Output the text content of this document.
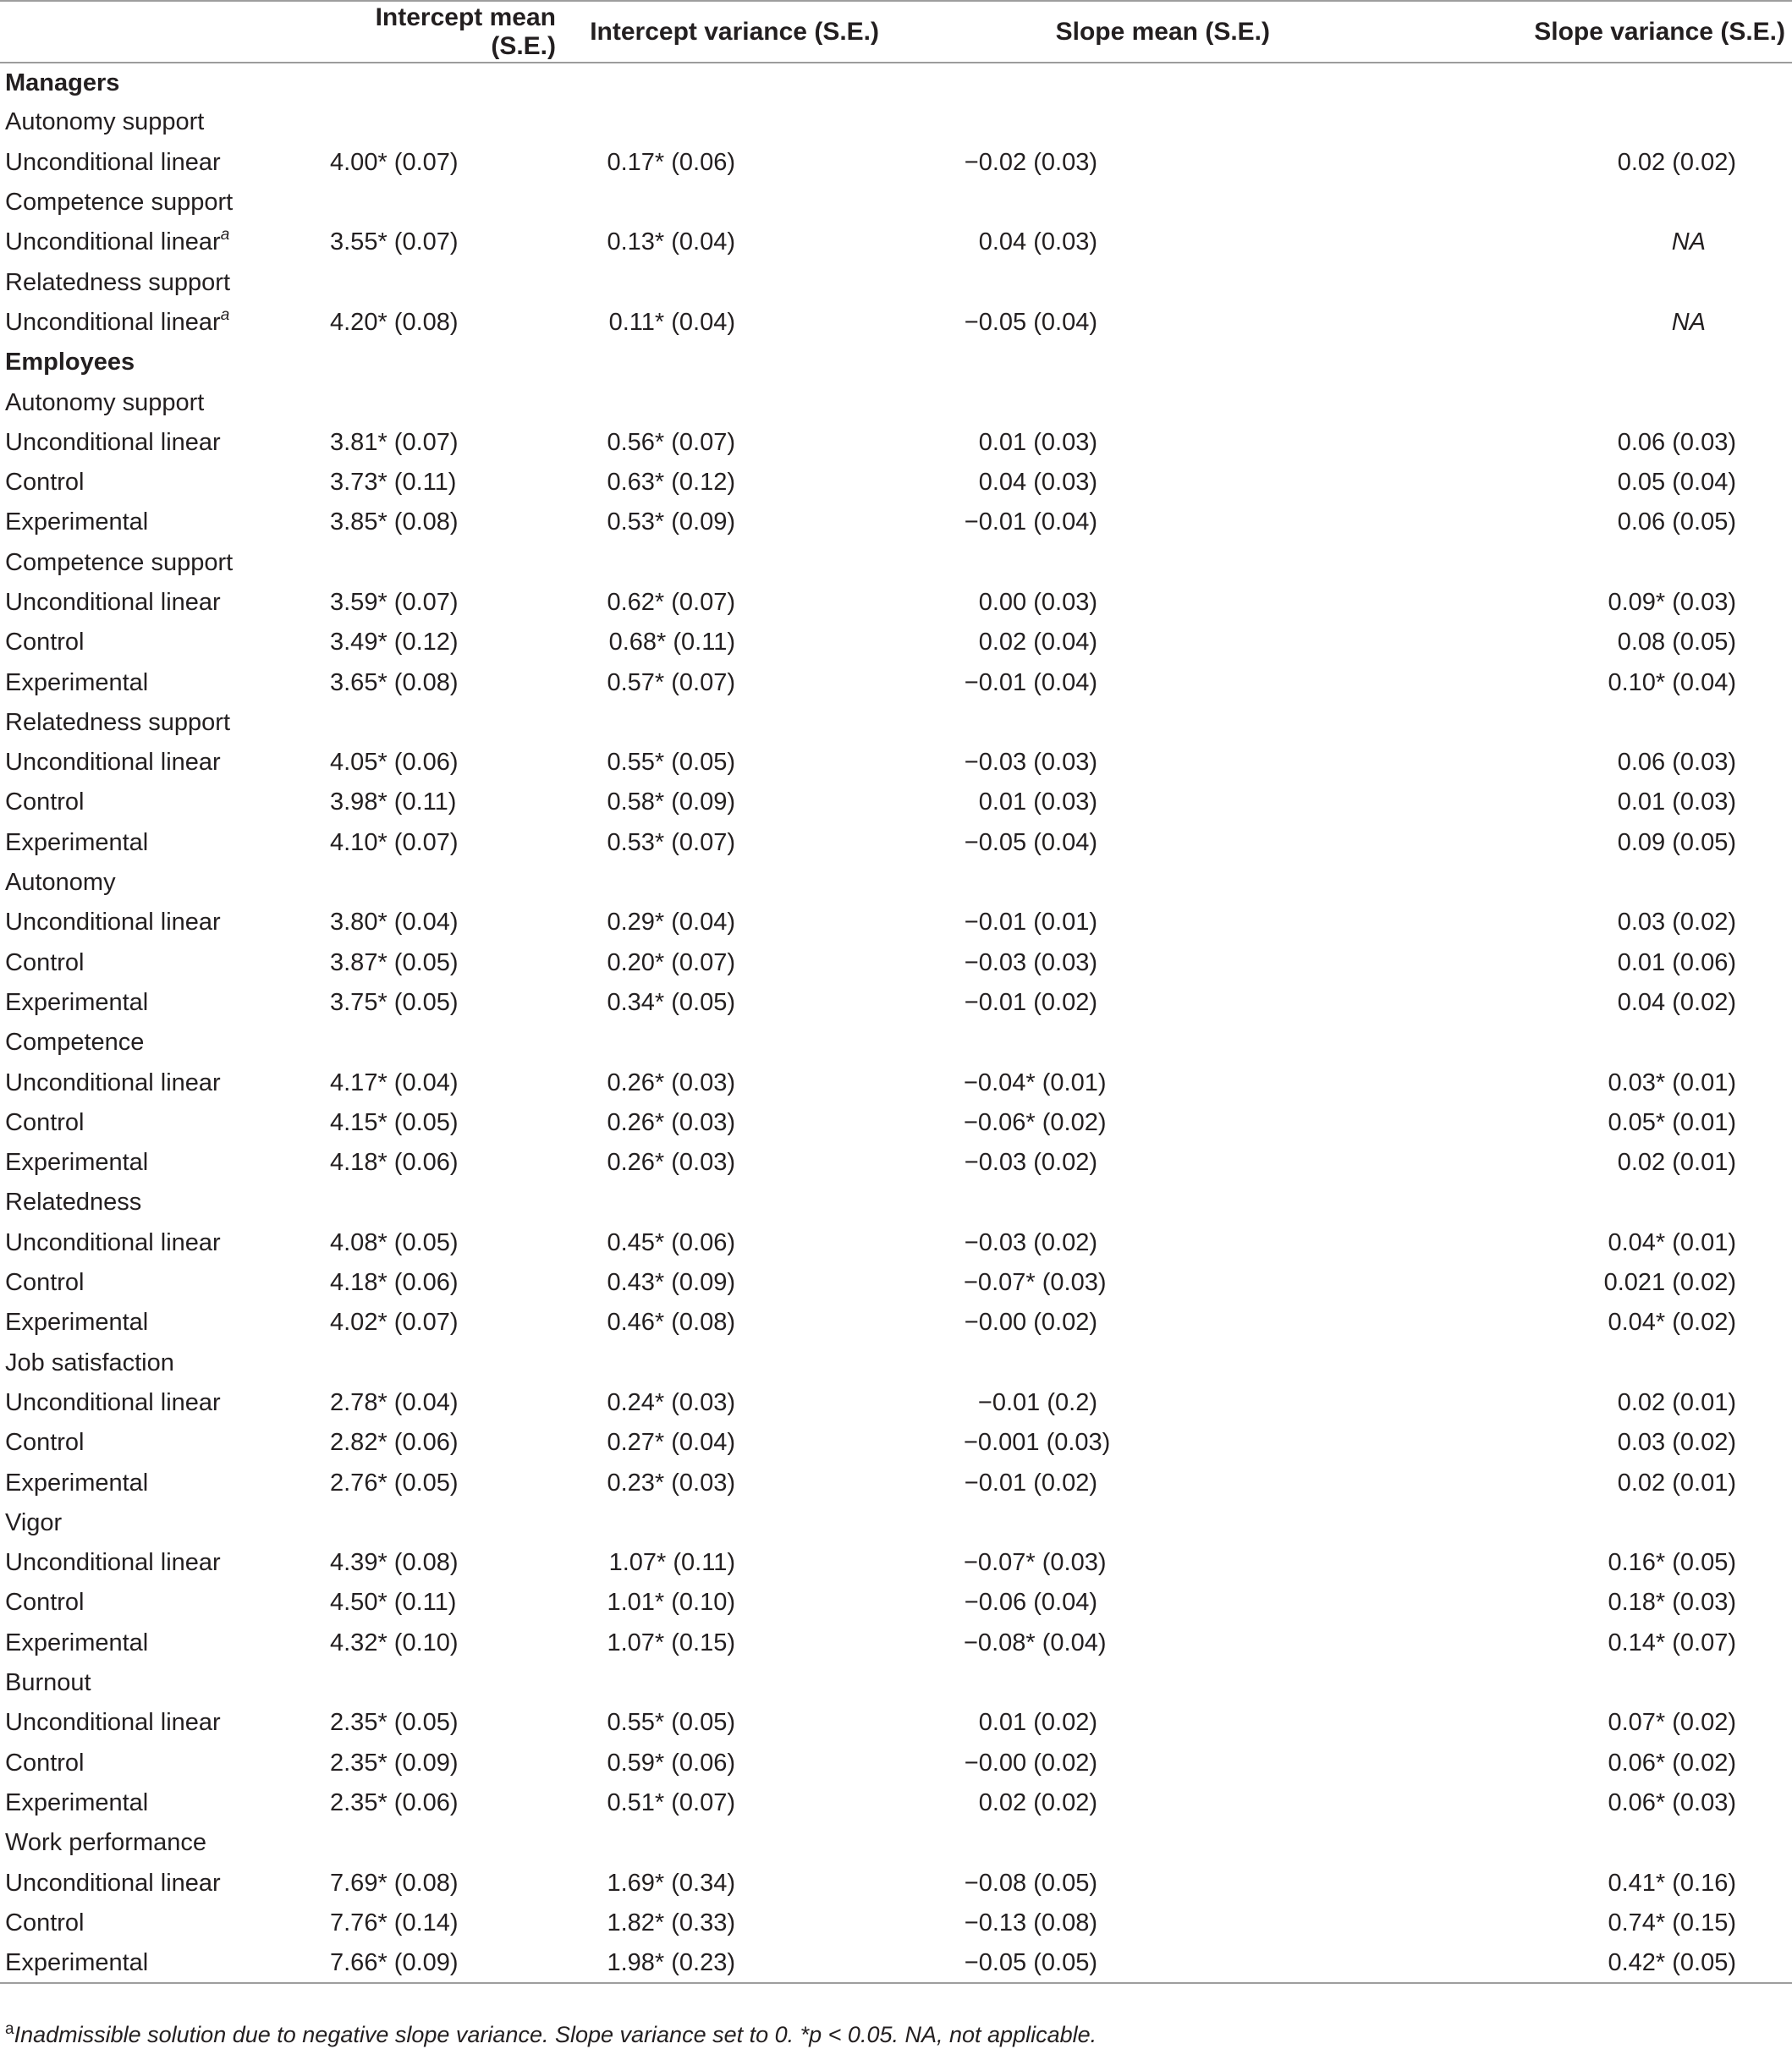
	Intercept mean (S.E.)	Intercept variance (S.E.)	Slope mean (S.E.)	Slope variance (S.E.)
Managers				
Autonomy support				
Unconditional linear	4.00* (0.07)	0.17* (0.06)	−0.02 (0.03)	0.02 (0.02)
Competence support				
Unconditional linear$^a$	3.55* (0.07)	0.13* (0.04)	0.04 (0.03)	NA
Relatedness support				
Unconditional linear$^a$	4.20* (0.08)	0.11* (0.04)	−0.05 (0.04)	NA
Employees				
Autonomy support				
Unconditional linear	3.81* (0.07)	0.56* (0.07)	0.01 (0.03)	0.06 (0.03)
Control	3.73* (0.11)	0.63* (0.12)	0.04 (0.03)	0.05 (0.04)
Experimental	3.85* (0.08)	0.53* (0.09)	−0.01 (0.04)	0.06 (0.05)
Competence support				
Unconditional linear	3.59* (0.07)	0.62* (0.07)	0.00 (0.03)	0.09* (0.03)
Control	3.49* (0.12)	0.68* (0.11)	0.02 (0.04)	0.08 (0.05)
Experimental	3.65* (0.08)	0.57* (0.07)	−0.01 (0.04)	0.10* (0.04)
Relatedness support				
Unconditional linear	4.05* (0.06)	0.55* (0.05)	−0.03 (0.03)	0.06 (0.03)
Control	3.98* (0.11)	0.58* (0.09)	0.01 (0.03)	0.01 (0.03)
Experimental	4.10* (0.07)	0.53* (0.07)	−0.05 (0.04)	0.09 (0.05)
Autonomy				
Unconditional linear	3.80* (0.04)	0.29* (0.04)	−0.01 (0.01)	0.03 (0.02)
Control	3.87* (0.05)	0.20* (0.07)	−0.03 (0.03)	0.01 (0.06)
Experimental	3.75* (0.05)	0.34* (0.05)	−0.01 (0.02)	0.04 (0.02)
Competence				
Unconditional linear	4.17* (0.04)	0.26* (0.03)	−0.04* (0.01)	0.03* (0.01)
Control	4.15* (0.05)	0.26* (0.03)	−0.06* (0.02)	0.05* (0.01)
Experimental	4.18* (0.06)	0.26* (0.03)	−0.03 (0.02)	0.02 (0.01)
Relatedness				
Unconditional linear	4.08* (0.05)	0.45* (0.06)	−0.03 (0.02)	0.04* (0.01)
Control	4.18* (0.06)	0.43* (0.09)	−0.07* (0.03)	0.021 (0.02)
Experimental	4.02* (0.07)	0.46* (0.08)	−0.00 (0.02)	0.04* (0.02)
Job satisfaction				
Unconditional linear	2.78* (0.04)	0.24* (0.03)	−0.01 (0.2)	0.02 (0.01)
Control	2.82* (0.06)	0.27* (0.04)	−0.001 (0.03)	0.03 (0.02)
Experimental	2.76* (0.05)	0.23* (0.03)	−0.01 (0.02)	0.02 (0.01)
Vigor				
Unconditional linear	4.39* (0.08)	1.07* (0.11)	−0.07* (0.03)	0.16* (0.05)
Control	4.50* (0.11)	1.01* (0.10)	−0.06 (0.04)	0.18* (0.03)
Experimental	4.32* (0.10)	1.07* (0.15)	−0.08* (0.04)	0.14* (0.07)
Burnout				
Unconditional linear	2.35* (0.05)	0.55* (0.05)	0.01 (0.02)	0.07* (0.02)
Control	2.35* (0.09)	0.59* (0.06)	−0.00 (0.02)	0.06* (0.02)
Experimental	2.35* (0.06)	0.51* (0.07)	0.02 (0.02)	0.06* (0.03)
Work performance				
Unconditional linear	7.69* (0.08)	1.69* (0.34)	−0.08 (0.05)	0.41* (0.16)
Control	7.76* (0.14)	1.82* (0.33)	−0.13 (0.08)	0.74* (0.15)
Experimental	7.66* (0.09)	1.98* (0.23)	−0.05 (0.05)	0.42* (0.05)
$^a$Inadmissible solution due to negative slope variance. Slope variance set to 0. *p < 0.05. NA, not applicable.
